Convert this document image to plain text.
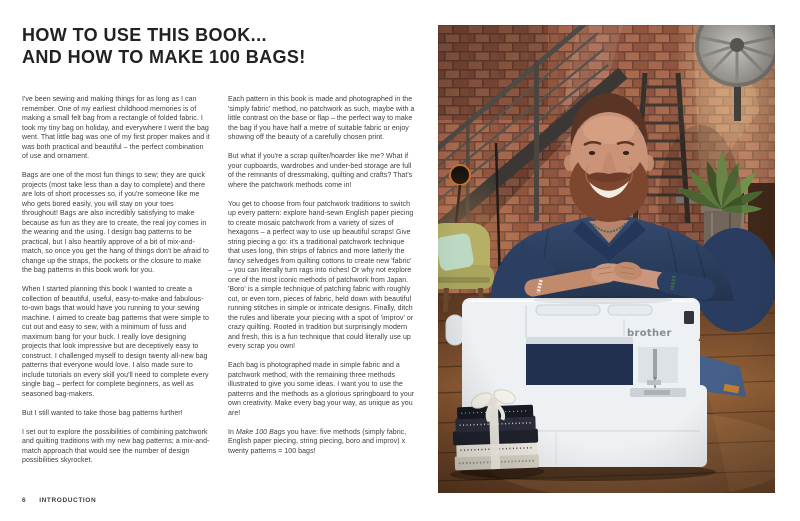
HOW TO USE THIS BOOK...
AND HOW TO MAKE 100 BAGS!

I've been sewing and making things for as long as I can remember. One of my earliest childhood memories is of making a small felt bag from a rectangle of folded fabric. I took my tiny bag on holiday, and everywhere I went the bag went. That little bag was one of my first proper makes and it was both practical and beautiful – the perfect combination of use and ornament.

Bags are one of the most fun things to sew; they are quick projects (most take less than a day to complete) and there are lots of short processes so, if you're someone like me who gets bored easily, you will stay on your toes throughout! Bags are also incredibly satisfying to make because as fun as they are to create, the real joy comes in the wearing and the using. I design bag patterns to be practical, but I also heartily approve of a bit of mix-and-match, so once you get the hang of things don't be afraid to change up the straps, the pockets or the closure to make the bag patterns in this book work for you.

When I started planning this book I wanted to create a collection of beautiful, useful, easy-to-make and fabulous-to-own bags that would have you running to your sewing machine. I aimed to create bag patterns that were simple to cut out and easy to sew, with a minimum of fuss and maximum bang for your buck. I really love designing projects that look impressive but are deceptively easy to construct. I challenged myself to design twenty all-new bag patterns that everyone would love. I also made sure to include tutorials on every skill you'll need to complete every single bag – perfect for complete beginners, as well as seasoned bag-makers.

But I still wanted to take those bag patterns further!

I set out to explore the possibilities of combining patchwork and quilting traditions with my new bag patterns; a mix-and-match approach that would see the number of design possibilities skyrocket.

Each pattern in this book is made and photographed in the 'simply fabric' method, no patchwork as such, maybe with a little contrast on the base or flap – the perfect way to make the bag if you have half a metre of suitable fabric or enjoy showing off the beauty of a carefully chosen print.

But what if you're a scrap quilter/hoarder like me? What if your cupboards, wardrobes and under-bed storage are full of the remnants of dressmaking, quilting and crafts? That's where the patchwork methods come in!

You get to choose from four patchwork traditions to switch up every pattern: explore hand-sewn English paper piecing to create mosaic patchwork from a variety of sizes of hexagons – a perfect way to use up beautiful scraps! Give string piecing a go: it's a traditional patchwork technique that uses long, thin strips of fabrics and more latterly the fancy selvedges from quilting cottons to create new 'fabric' – you can literally turn rags into riches! Or why not explore one of the most iconic methods of patchwork from Japan. 'Boro' is a simple technique of patching fabric with roughly cut, or even torn, pieces of fabric, held down with beautiful running stitches in simple or intricate designs. Finally, ditch the rules and liberate your piecing with a spot of 'improv' or crazy quilting. Rooted in tradition but surprisingly modern and fresh, this is a fun technique that could literally use up every scrap you own!

Each bag is photographed made in simple fabric and a patchwork method, with the remaining three methods illustrated to give you some ideas. I want you to use the patterns and the methods as a glorious springboard to your own creativity. Make every bag your way, as unique as you are!

In Make 100 Bags you have: five methods (simply fabric, English paper piecing, string piecing, boro and improv) x twenty patterns = 100 bags!

6 INTRODUCTION
